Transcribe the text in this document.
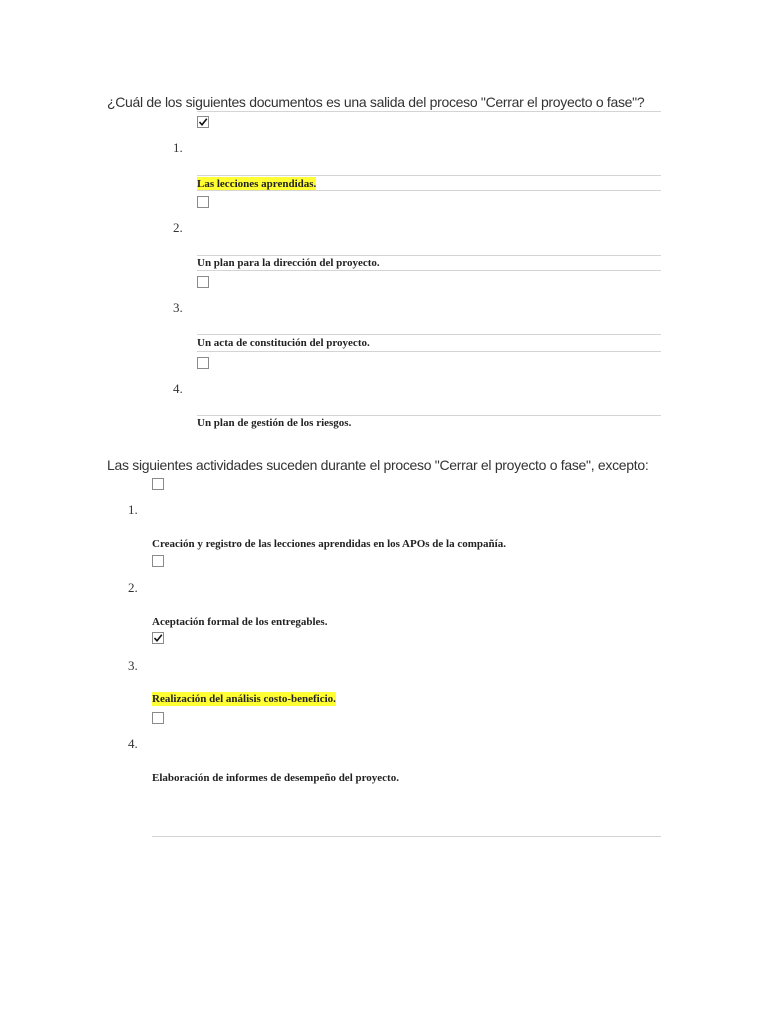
¿Cuál de los siguientes documentos es una salida del proceso "Cerrar el proyecto o fase"?
1.
Las lecciones aprendidas.
2.
Un plan para la dirección del proyecto.
3.
Un acta de constitución del proyecto.
4.
Un plan de gestión de los riesgos.
Las siguientes actividades suceden durante el proceso "Cerrar el proyecto o fase", excepto:
1.
Creación y registro de las lecciones aprendidas en los APOs de la compañía.
2.
Aceptación formal de los entregables.
3.
Realización del análisis costo-beneficio.
4.
Elaboración de informes de desempeño del proyecto.
